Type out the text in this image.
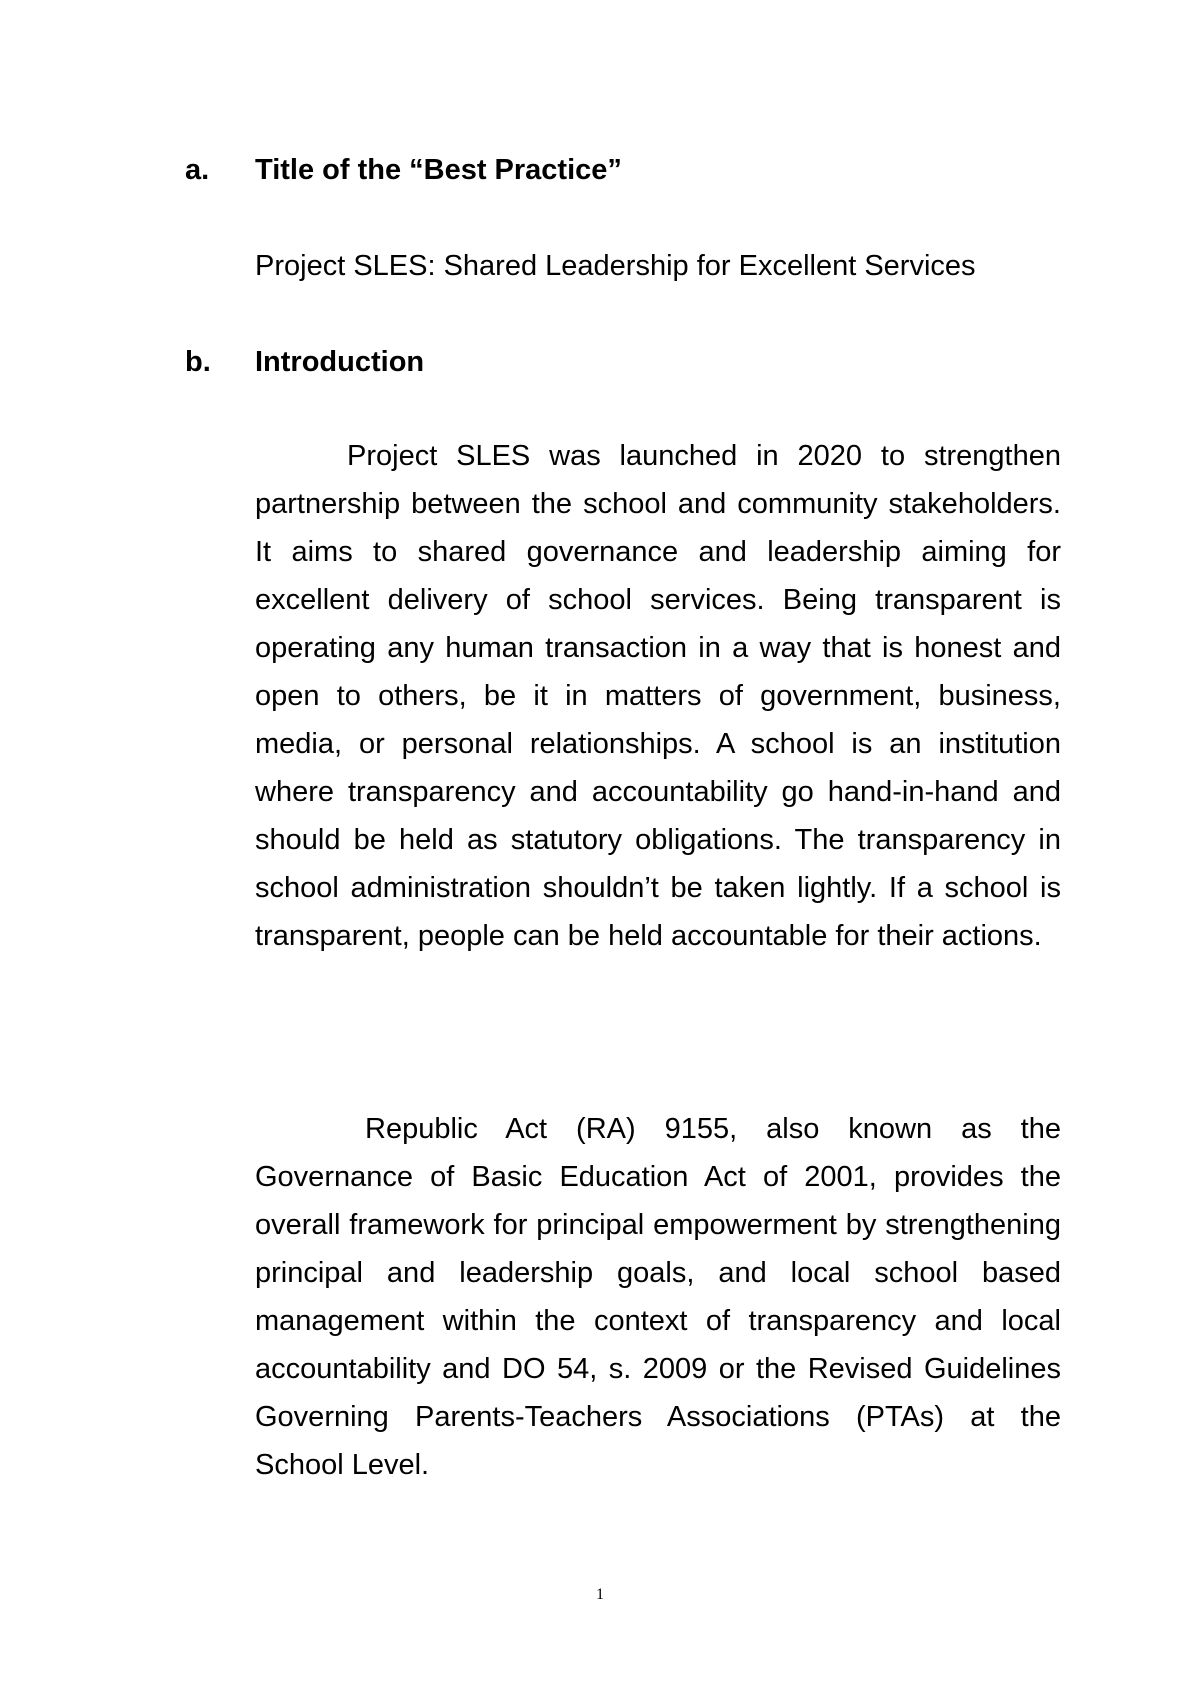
a. Title of the “Best Practice”
Project SLES: Shared Leadership for Excellent Services
b. Introduction

Project SLES was launched in 2020 to strengthen partnership between the school and community stakeholders. It aims to shared governance and leadership aiming for excellent delivery of school services. Being transparent is operating any human transaction in a way that is honest and open to others, be it in matters of government, business, media, or personal relationships. A school is an institution where transparency and accountability go hand-in-hand and should be held as statutory obligations. The transparency in school administration shouldn’t be taken lightly. If a school is transparent, people can be held accountable for their actions.

Republic Act (RA) 9155, also known as the Governance of Basic Education Act of 2001, provides the overall framework for principal empowerment by strengthening principal and leadership goals, and local school based management within the context of transparency and local accountability and DO 54, s. 2009 or the Revised Guidelines Governing Parents-Teachers Associations (PTAs) at the School Level.

1
